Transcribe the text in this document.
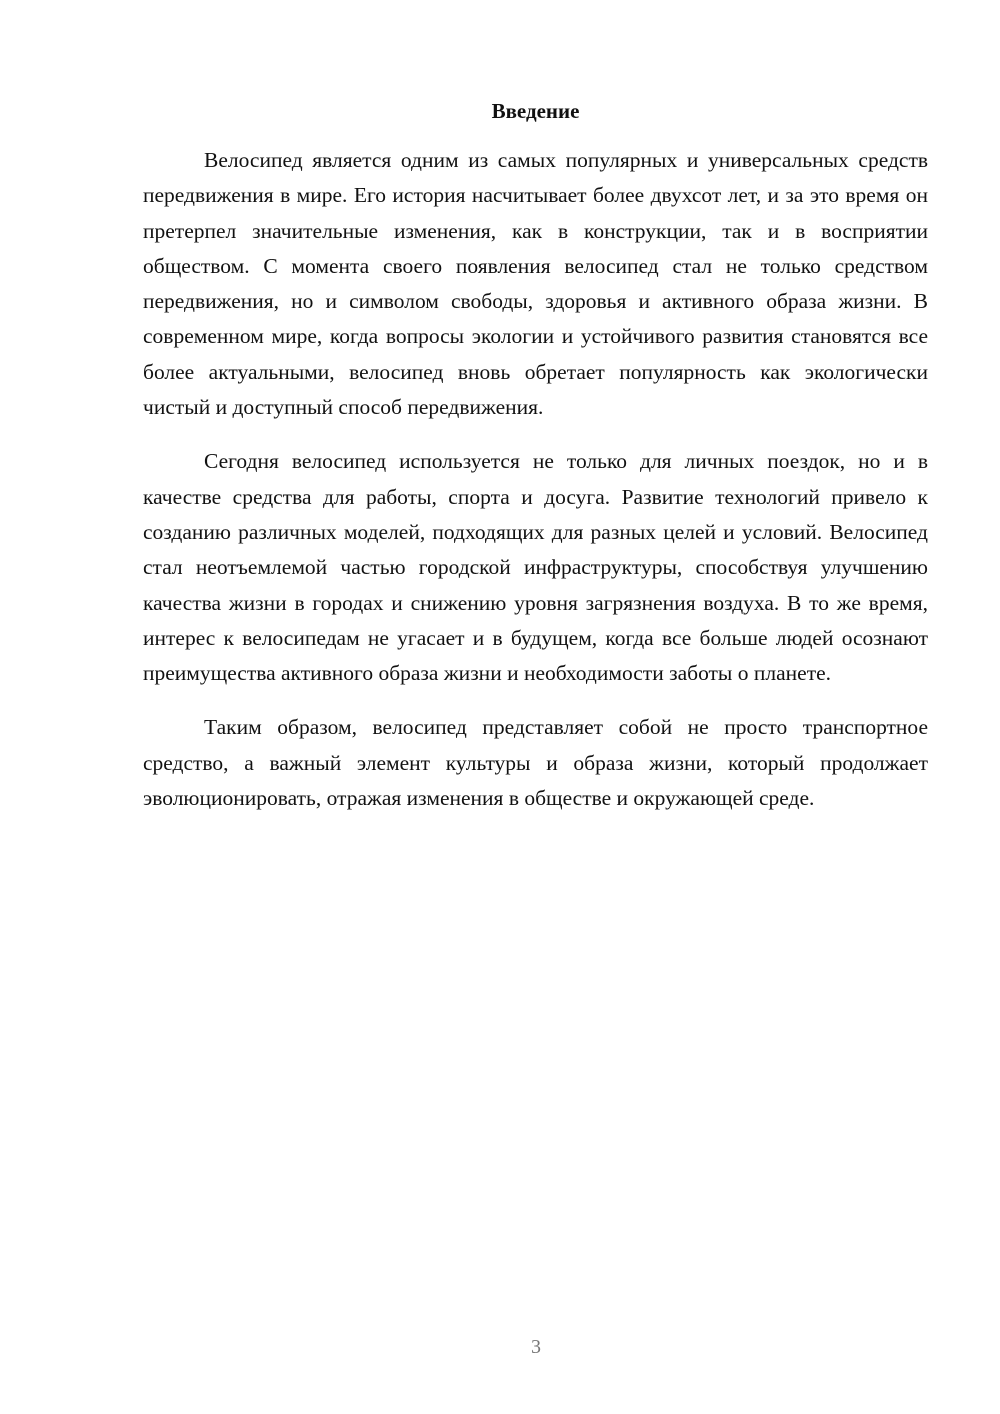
Введение

Велосипед является одним из самых популярных и универсальных средств передвижения в мире. Его история насчитывает более двухсот лет, и за это время он претерпел значительные изменения, как в конструкции, так и в восприятии обществом. С момента своего появления велосипед стал не только средством передвижения, но и символом свободы, здоровья и активного образа жизни. В современном мире, когда вопросы экологии и устойчивого развития становятся все более актуальными, велосипед вновь обретает популярность как экологически чистый и доступный способ передвижения.

Сегодня велосипед используется не только для личных поездок, но и в качестве средства для работы, спорта и досуга. Развитие технологий привело к созданию различных моделей, подходящих для разных целей и условий. Велосипед стал неотъемлемой частью городской инфраструктуры, способствуя улучшению качества жизни в городах и снижению уровня загрязнения воздуха. В то же время, интерес к велосипедам не угасает и в будущем, когда все больше людей осознают преимущества активного образа жизни и необходимости заботы о планете.

Таким образом, велосипед представляет собой не просто транспортное средство, а важный элемент культуры и образа жизни, который продолжает эволюционировать, отражая изменения в обществе и окружающей среде.

3
